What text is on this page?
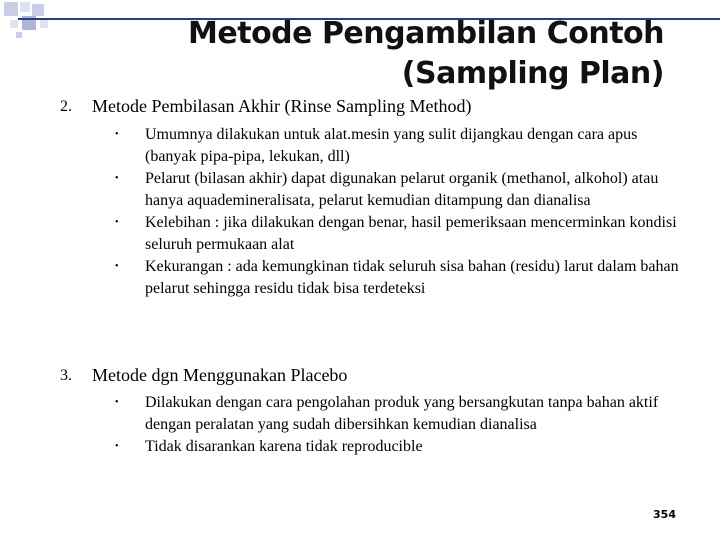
Metode Pengambilan Contoh (Sampling Plan)
2. Metode Pembilasan Akhir (Rinse Sampling Method)
• Umumnya dilakukan untuk alat.mesin yang sulit dijangkau dengan cara apus (banyak pipa-pipa, lekukan, dll)
• Pelarut (bilasan akhir) dapat digunakan pelarut organik (methanol, alkohol) atau hanya aquademineralisata, pelarut kemudian ditampung dan dianalisa
• Kelebihan : jika dilakukan dengan benar, hasil pemeriksaan mencerminkan kondisi seluruh permukaan alat
• Kekurangan : ada kemungkinan tidak seluruh sisa bahan (residu) larut dalam bahan pelarut sehingga residu tidak bisa terdeteksi
3. Metode dgn Menggunakan Placebo
• Dilakukan dengan cara pengolahan produk yang bersangkutan tanpa bahan aktif dengan peralatan yang sudah dibersihkan kemudian dianalisa
• Tidak disarankan karena tidak reproducible
354
